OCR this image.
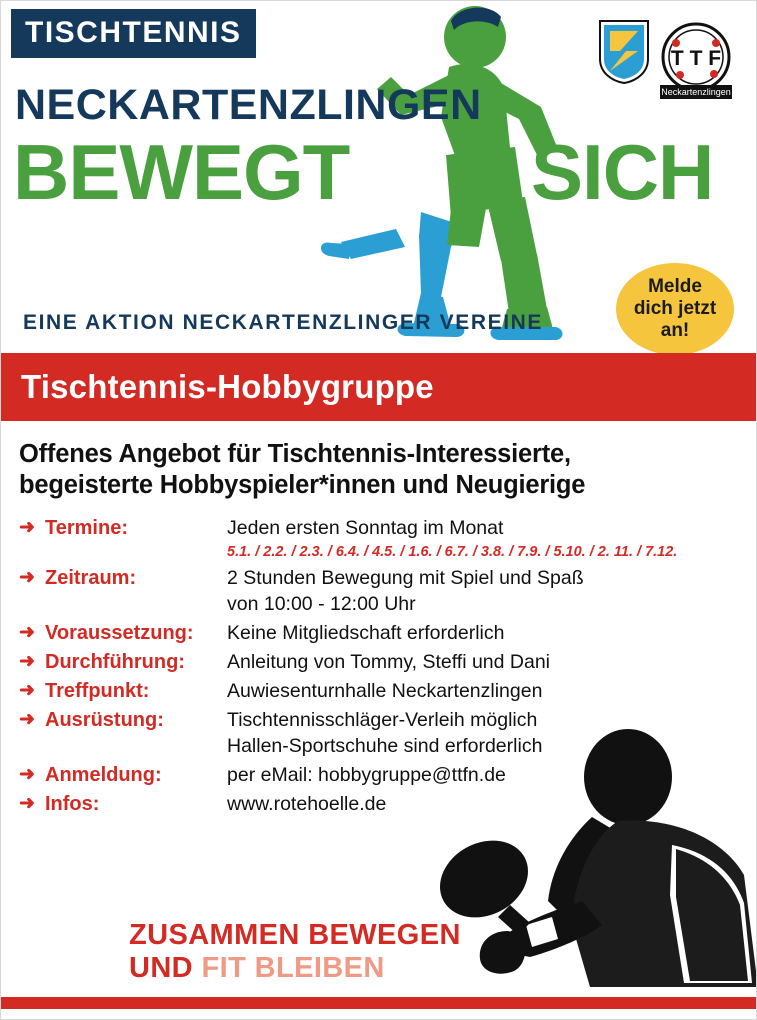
TISCHTENNIS
NECKARTENZLINGEN
BEWEGT SICH
EINE AKTION NECKARTENZLINGER VEREINE
T T F
Neckartenzlingen
Melde
dich jetzt
an!
Tischtennis-Hobbygruppe
Offenes Angebot für Tischtennis-Interessierte,
begeisterte Hobbyspieler*innen und Neugierige
➜ Termine:	Jeden ersten Sonntag im Monat
5.1. / 2.2. / 2.3. / 6.4. / 4.5. / 1.6. / 6.7. / 3.8. / 7.9. / 5.10. / 2. 11. / 7.12.
➜ Zeitraum:	2 Stunden Bewegung mit Spiel und Spaß
von 10:00 - 12:00 Uhr
➜ Voraussetzung:	Keine Mitgliedschaft erforderlich
➜ Durchführung:	Anleitung von Tommy, Steffi und Dani
➜ Treffpunkt:	Auwiesenturnhalle Neckartenzlingen
➜ Ausrüstung:	Tischtennisschläger-Verleih möglich
Hallen-Sportschuhe sind erforderlich
➜ Anmeldung:	per eMail: hobbygruppe@ttfn.de
➜ Infos:	www.rotehoelle.de
ZUSAMMEN BEWEGEN
UND FIT BLEIBEN
